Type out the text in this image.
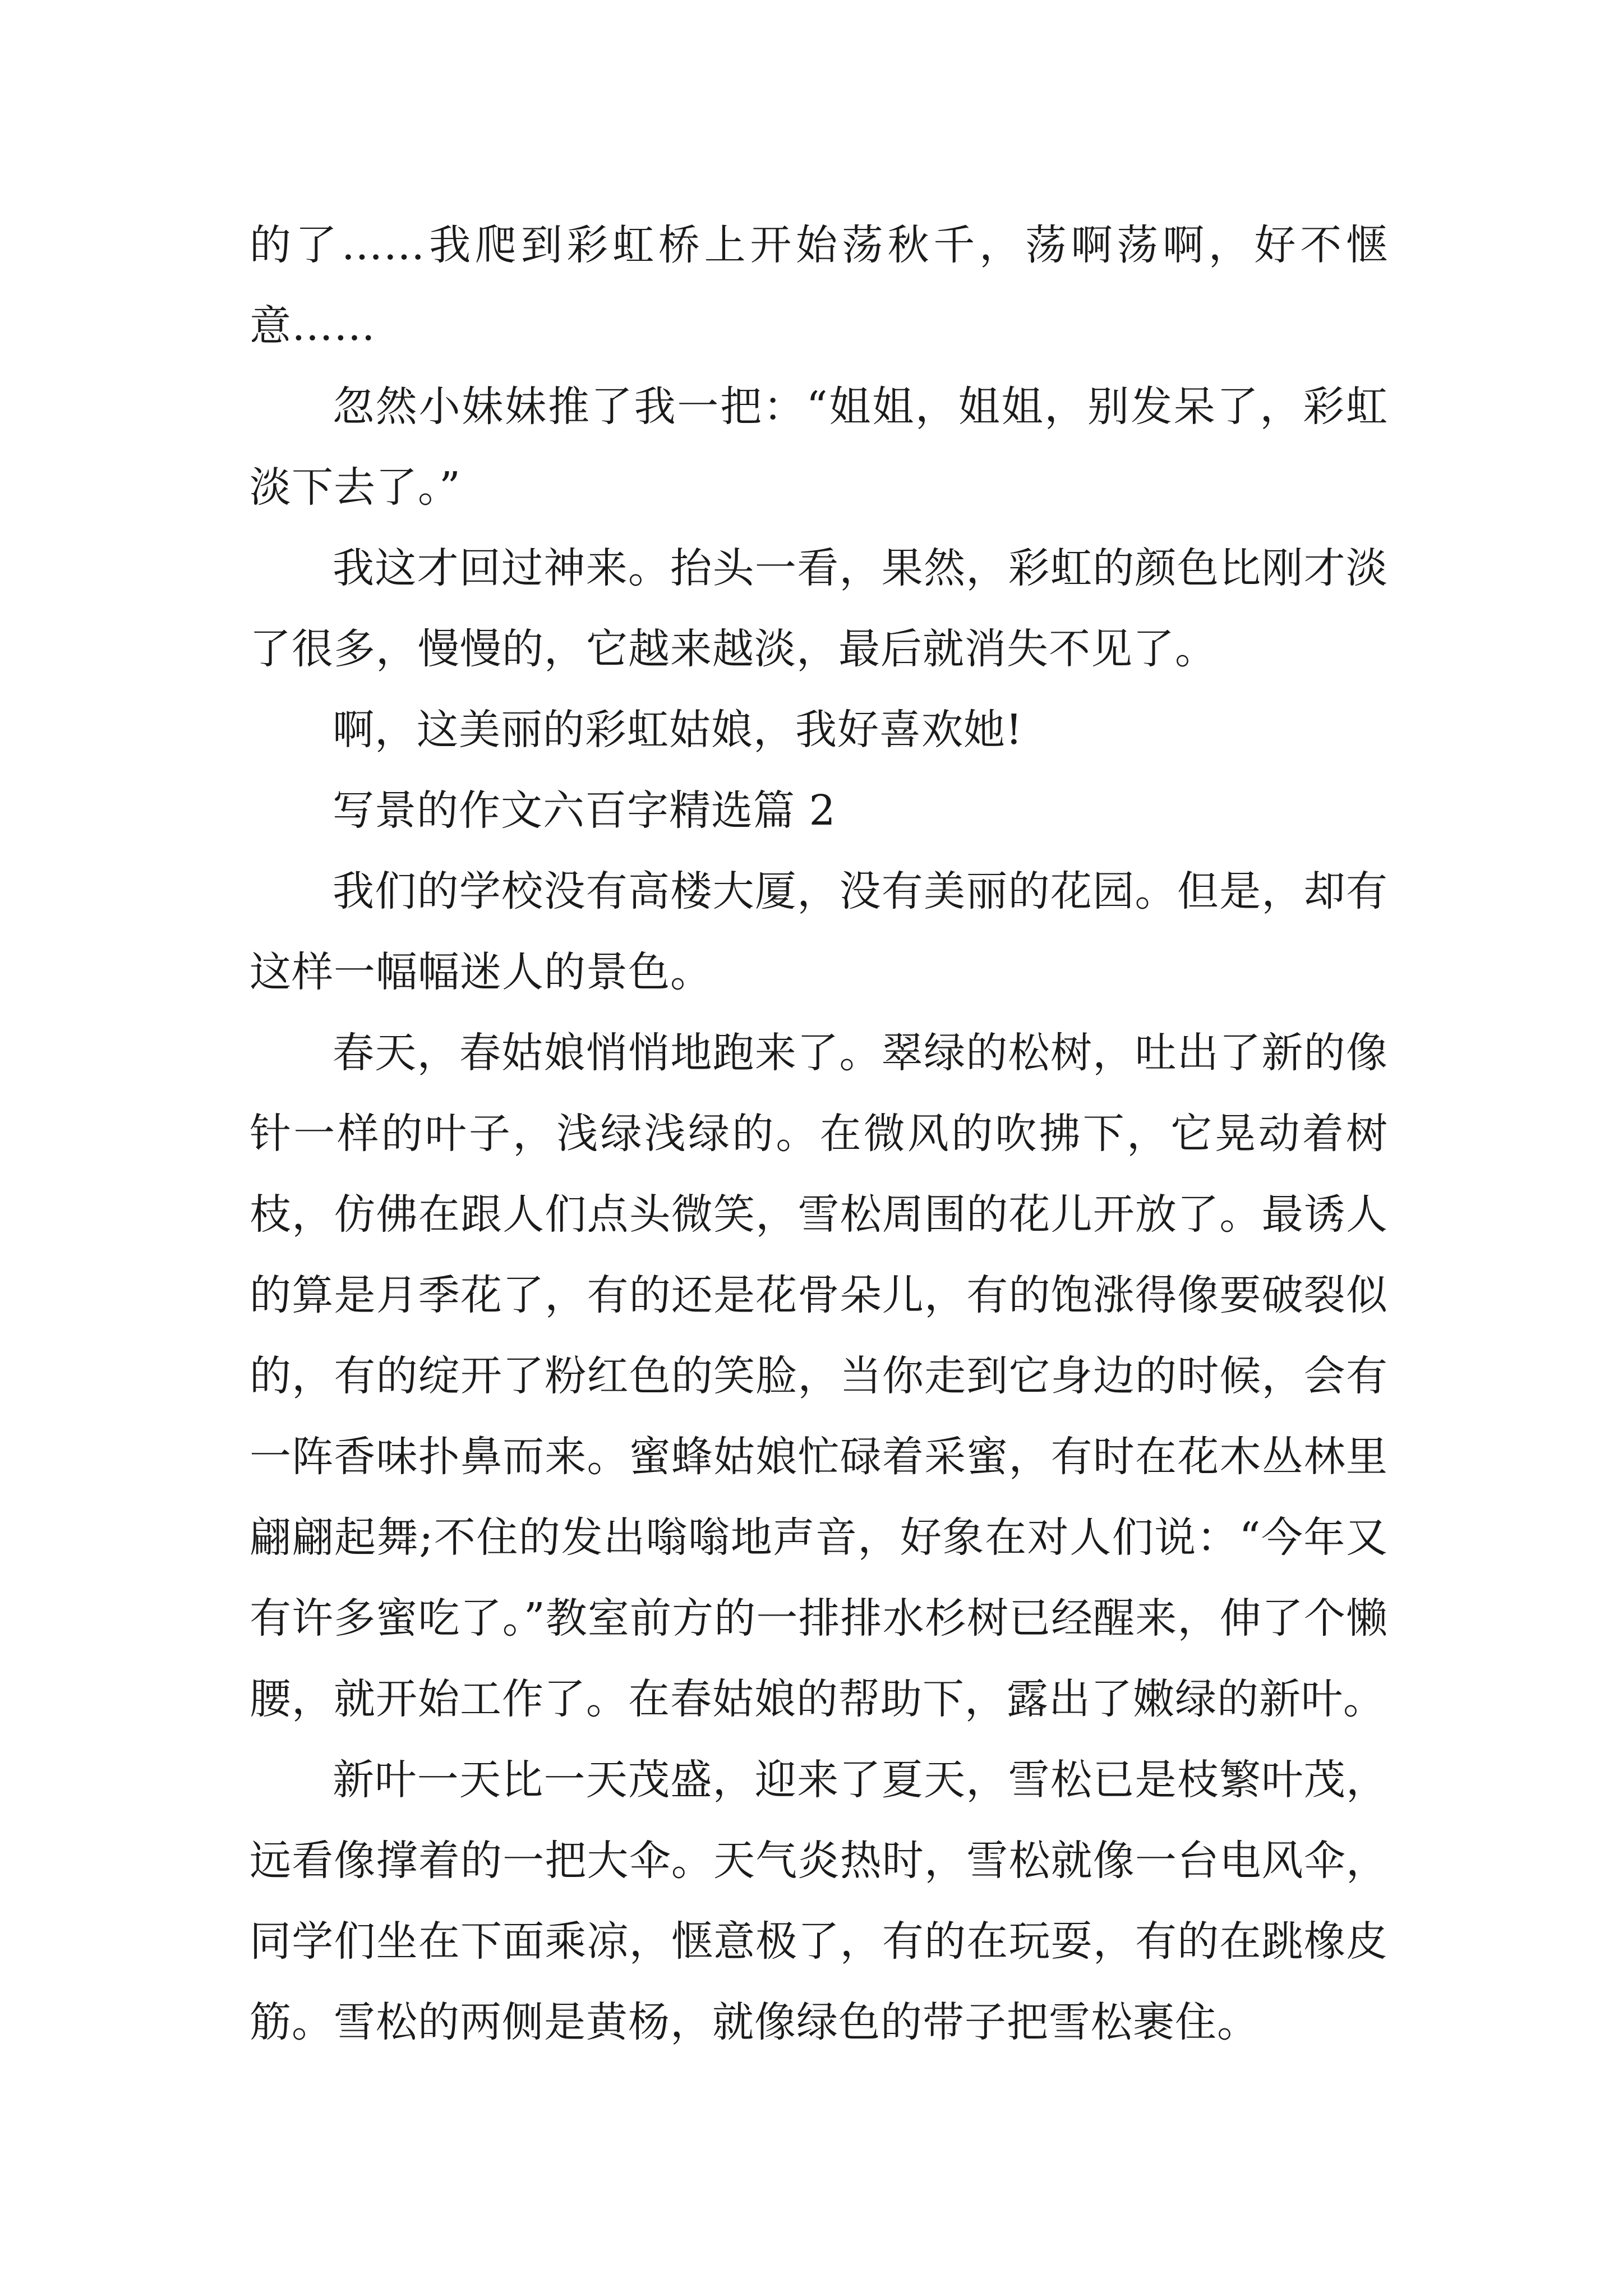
的了……我爬到彩虹桥上开始荡秋千，荡啊荡啊，好不惬意……

忽然小妹妹推了我一把：“姐姐，姐姐，别发呆了，彩虹淡下去了。”

我这才回过神来。抬头一看，果然，彩虹的颜色比刚才淡了很多，慢慢的，它越来越淡，最后就消失不见了。

啊，这美丽的彩虹姑娘，我好喜欢她!

写景的作文六百字精选篇 2

我们的学校没有高楼大厦，没有美丽的花园。但是，却有这样一幅幅迷人的景色。

春天，春姑娘悄悄地跑来了。翠绿的松树，吐出了新的像针一样的叶子，浅绿浅绿的。在微风的吹拂下，它晃动着树枝，仿佛在跟人们点头微笑，雪松周围的花儿开放了。最诱人的算是月季花了，有的还是花骨朵儿，有的饱涨得像要破裂似的，有的绽开了粉红色的笑脸，当你走到它身边的时候，会有一阵香味扑鼻而来。蜜蜂姑娘忙碌着采蜜，有时在花木丛林里翩翩起舞;不住的发出嗡嗡地声音，好象在对人们说：“今年又有许多蜜吃了。”教室前方的一排排水杉树已经醒来，伸了个懒腰，就开始工作了。在春姑娘的帮助下，露出了嫩绿的新叶。

新叶一天比一天茂盛，迎来了夏天，雪松已是枝繁叶茂，远看像撑着的一把大伞。天气炎热时，雪松就像一台电风伞，同学们坐在下面乘凉，惬意极了，有的在玩耍，有的在跳橡皮筋。雪松的两侧是黄杨，就像绿色的带子把雪松裹住。
